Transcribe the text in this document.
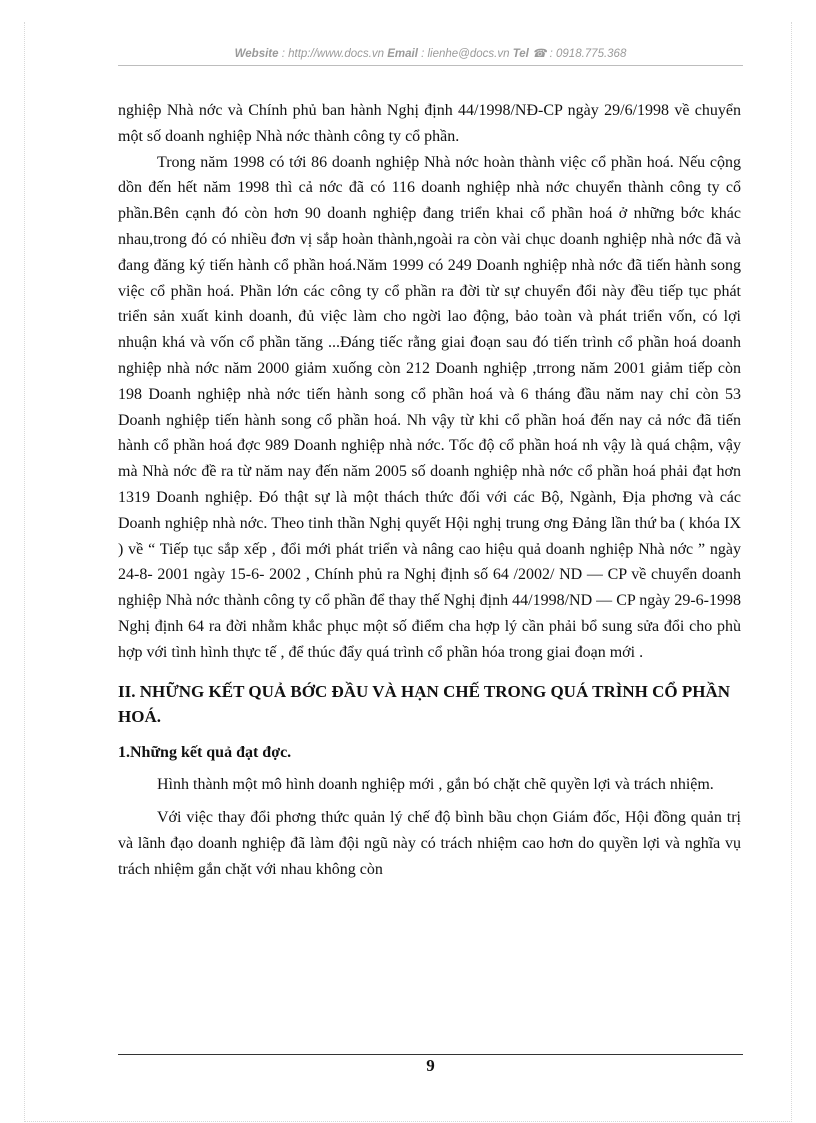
Website : http://www.docs.vn Email : lienhe@docs.vn Tel ☎ : 0918.775.368

nghiệp Nhà nớc và Chính phủ ban hành Nghị định 44/1998/NĐ-CP ngày 29/6/1998 về chuyển một số doanh nghiệp Nhà nớc thành công ty cổ phần.

Trong năm 1998 có tới 86 doanh nghiệp Nhà nớc hoàn thành việc cổ phần hoá. Nếu cộng dồn đến hết năm 1998 thì cả nớc đã có 116 doanh nghiệp nhà nớc chuyển thành công ty cổ phần.Bên cạnh đó còn hơn 90 doanh nghiệp đang triển khai cổ phần hoá ở những bớc khác nhau,trong đó có nhiều đơn vị sắp hoàn thành,ngoài ra còn vài chục doanh nghiệp nhà nớc đã và đang đăng ký tiến hành cổ phần hoá.Năm 1999 có 249 Doanh nghiệp nhà nớc đã tiến hành song việc cổ phần hoá. Phần lớn các công ty cổ phần ra đời từ sự chuyển đổi này đều tiếp tục phát triển sản xuất kinh doanh, đủ việc làm cho ngời lao động, bảo toàn và phát triển vốn, có lợi nhuận khá và vốn cổ phần tăng ...Đáng tiếc rằng giai đoạn sau đó tiến trình cổ phần hoá doanh nghiệp nhà nớc năm 2000 giảm xuống còn 212 Doanh nghiệp ,trrong năm 2001 giảm tiếp còn 198 Doanh nghiệp nhà nớc tiến hành song cổ phần hoá và 6 tháng đầu năm nay chỉ còn 53 Doanh nghiệp tiến hành song cổ phần hoá. Nh vậy từ khi cổ phần hoá đến nay cả nớc đã tiến hành cổ phần hoá đợc 989 Doanh nghiệp nhà nớc. Tốc độ cổ phần hoá nh vậy là quá chậm, vậy mà Nhà nớc đề ra từ năm nay đến năm 2005 số doanh nghiệp nhà nớc cổ phần hoá phải đạt hơn 1319 Doanh nghiệp. Đó thật sự là một thách thức đối với các Bộ, Ngành, Địa phơng và các Doanh nghiệp nhà nớc. Theo tinh thần Nghị quyết Hội nghị trung ơng Đảng lần thứ ba ( khóa IX ) về “ Tiếp tục sắp xếp , đổi mới phát triển và nâng cao hiệu quả doanh nghiệp Nhà nớc ” ngày 24-8- 2001 ngày 15-6- 2002 , Chính phủ ra Nghị định số 64 /2002/ ND — CP về chuyển doanh nghiệp Nhà nớc thành công ty cổ phần để thay thế Nghị định 44/1998/ND — CP ngày 29-6-1998 Nghị định 64 ra đời nhằm khắc phục một số điểm cha hợp lý cần phải bổ sung sửa đổi cho phù hợp với tình hình thực tế , để thúc đẩy quá trình cổ phần hóa trong giai đoạn mới .

II. NHỮNG KẾT QUẢ BỚC ĐẦU VÀ HẠN CHẾ TRONG QUÁ TRÌNH CỔ PHẦN HOÁ.

1.Những kết quả đạt đợc.

Hình thành một mô hình doanh nghiệp mới , gắn bó chặt chẽ quyền lợi và trách nhiệm.

Với việc thay đổi phơng thức quản lý chế độ bình bầu chọn Giám đốc, Hội đồng quản trị và lãnh đạo doanh nghiệp đã làm đội ngũ này có trách nhiệm cao hơn do quyền lợi và nghĩa vụ trách nhiệm gắn chặt với nhau không còn

9
